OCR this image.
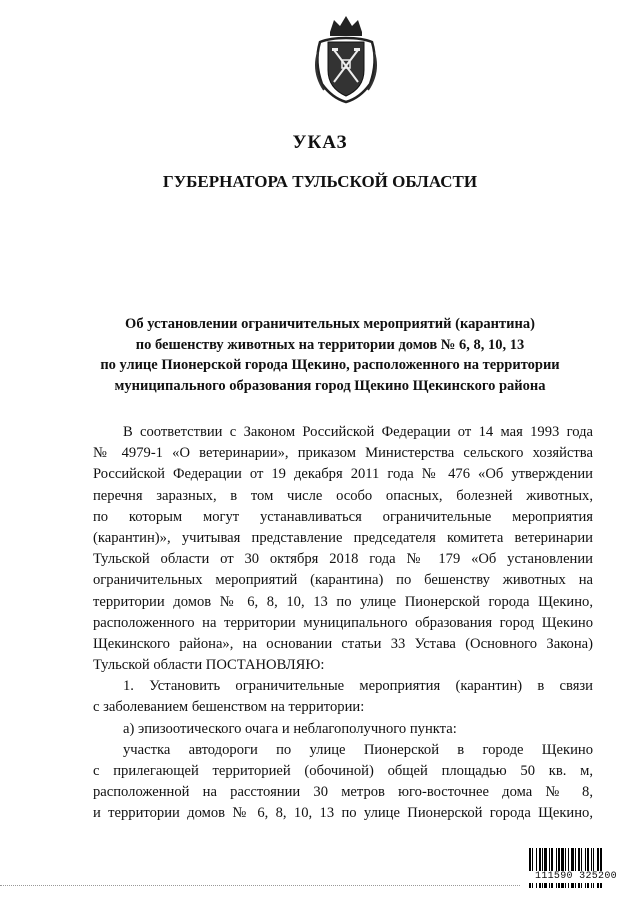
УКАЗ
ГУБЕРНАТОРА ТУЛЬСКОЙ ОБЛАСТИ
Об установлении ограничительных мероприятий (карантина)
по бешенству животных на территории домов № 6, 8, 10, 13
по улице Пионерской города Щекино, расположенного на территории
муниципального образования город Щекино Щекинского района
В соответствии с Законом Российской Федерации от 14 мая 1993 года
№ 4979-1 «О ветеринарии», приказом Министерства сельского хозяйства
Российской Федерации от 19 декабря 2011 года № 476 «Об утверждении
перечня заразных, в том числе особо опасных, болезней животных,
по которым могут устанавливаться ограничительные мероприятия
(карантин)», учитывая представление председателя комитета ветеринарии
Тульской области от 30 октября 2018 года № 179 «Об установлении
ограничительных мероприятий (карантина) по бешенству животных на
территории домов № 6, 8, 10, 13 по улице Пионерской города Щекино,
расположенного на территории муниципального образования город Щекино
Щекинского района», на основании статьи 33 Устава (Основного Закона)
Тульской области ПОСТАНОВЛЯЮ:
1. Установить ограничительные мероприятия (карантин) в связи
с заболеванием бешенством на территории:
а) эпизоотического очага и неблагополучного пункта:
участка автодороги по улице Пионерской в городе Щекино
с прилегающей территорией (обочиной) общей площадью 50 кв. м,
расположенной на расстоянии 30 метров юго-восточнее дома № 8,
и территории домов № 6, 8, 10, 13 по улице Пионерской города Щекино,
111590 325200
